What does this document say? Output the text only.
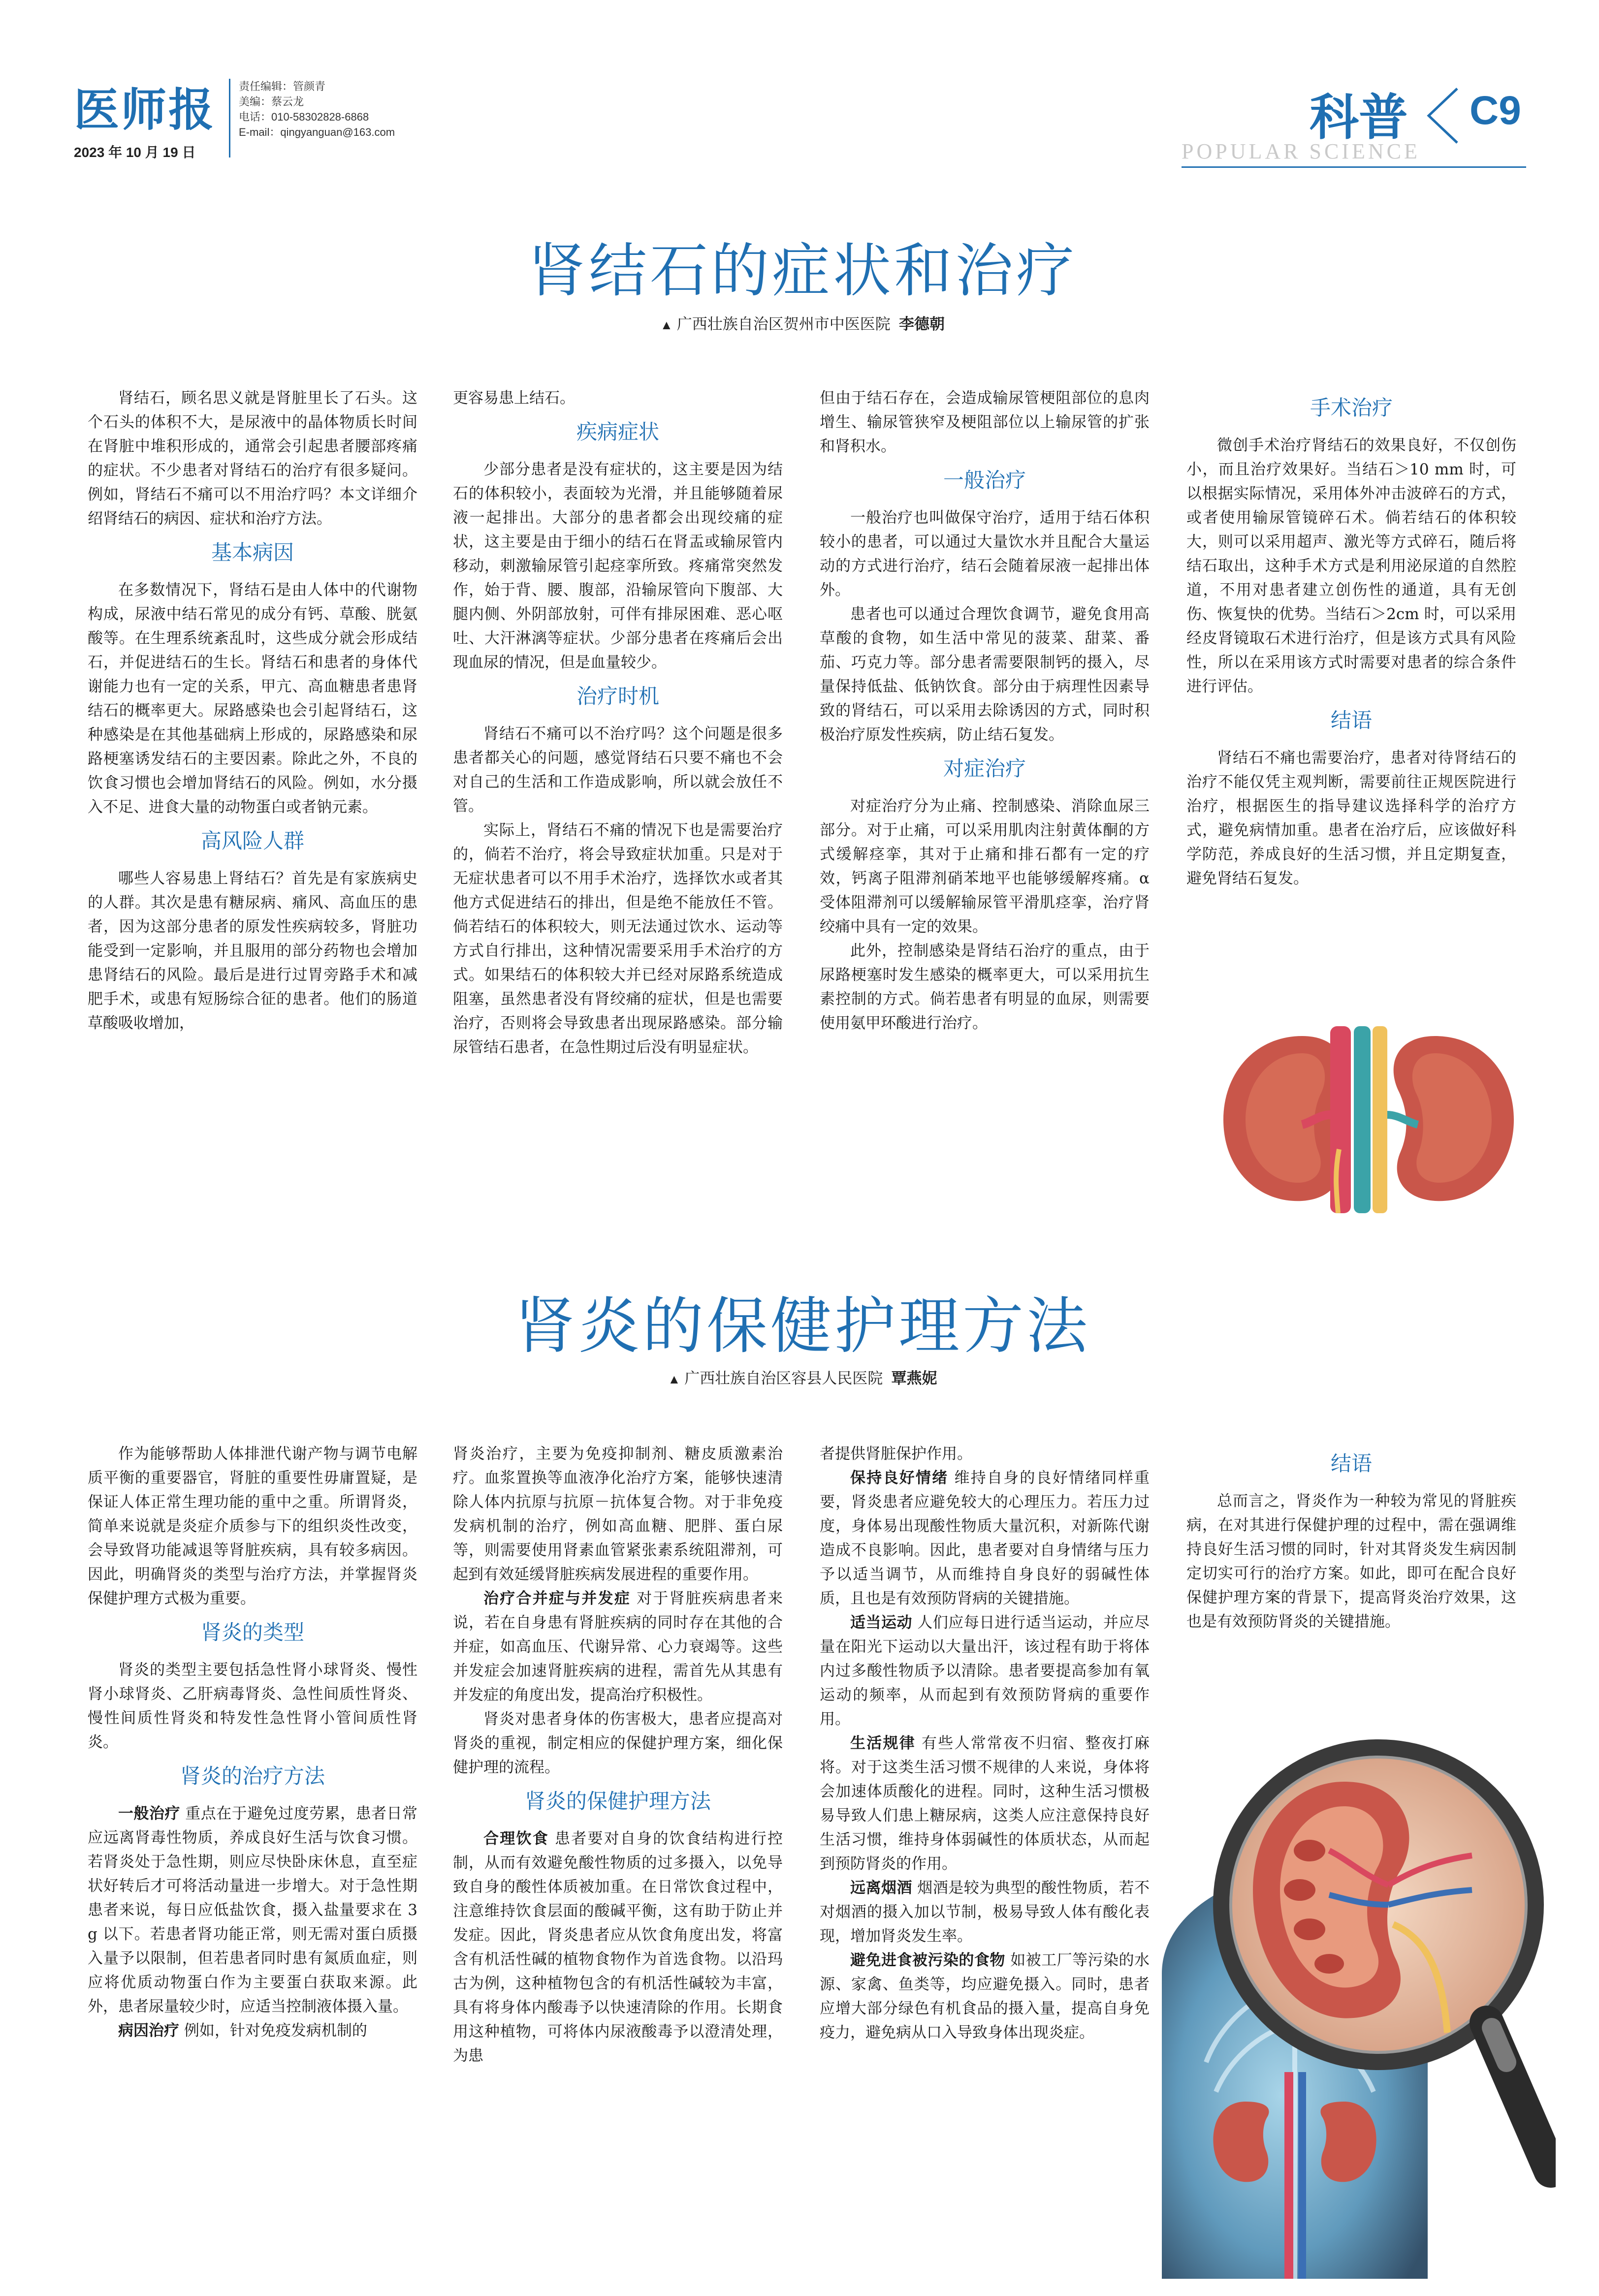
医师报
2023 年 10 月 19 日
责任编辑：管颜青
美编：蔡云龙
电话：010-58302828-6868
E-mail：qingyanguan@163.com	科普 C9
POPULAR SCIENCE
肾结石的症状和治疗
▲ 广西壮族自治区贺州市中医医院 李德朝

肾结石，顾名思义就是肾脏里长了石头。这个石头的体积不大，是尿液中的晶体物质长时间在肾脏中堆积形成的，通常会引起患者腰部疼痛的症状。不少患者对肾结石的治疗有很多疑问。例如，肾结石不痛可以不用治疗吗？本文详细介绍肾结石的病因、症状和治疗方法。

基本病因

在多数情况下，肾结石是由人体中的代谢物构成，尿液中结石常见的成分有钙、草酸、胱氨酸等。在生理系统紊乱时，这些成分就会形成结石，并促进结石的生长。肾结石和患者的身体代谢能力也有一定的关系，甲亢、高血糖患者患肾结石的概率更大。尿路感染也会引起肾结石，这种感染是在其他基础病上形成的，尿路感染和尿路梗塞诱发结石的主要因素。除此之外，不良的饮食习惯也会增加肾结石的风险。例如，水分摄入不足、进食大量的动物蛋白或者钠元素。

高风险人群

哪些人容易患上肾结石？首先是有家族病史的人群。其次是患有糖尿病、痛风、高血压的患者，因为这部分患者的原发性疾病较多，肾脏功能受到一定影响，并且服用的部分药物也会增加患肾结石的风险。最后是进行过胃旁路手术和减肥手术，或患有短肠综合征的患者。他们的肠道草酸吸收增加，

更容易患上结石。

疾病症状

少部分患者是没有症状的，这主要是因为结石的体积较小，表面较为光滑，并且能够随着尿液一起排出。大部分的患者都会出现绞痛的症状，这主要是由于细小的结石在肾盂或输尿管内移动，刺激输尿管引起痉挛所致。疼痛常突然发作，始于背、腰、腹部，沿输尿管向下腹部、大腿内侧、外阴部放射，可伴有排尿困难、恶心呕吐、大汗淋漓等症状。少部分患者在疼痛后会出现血尿的情况，但是血量较少。

治疗时机

肾结石不痛可以不治疗吗？这个问题是很多患者都关心的问题，感觉肾结石只要不痛也不会对自己的生活和工作造成影响，所以就会放任不管。

实际上，肾结石不痛的情况下也是需要治疗的，倘若不治疗，将会导致症状加重。只是对于无症状患者可以不用手术治疗，选择饮水或者其他方式促进结石的排出，但是绝不能放任不管。倘若结石的体积较大，则无法通过饮水、运动等方式自行排出，这种情况需要采用手术治疗的方式。如果结石的体积较大并已经对尿路系统造成阻塞，虽然患者没有肾绞痛的症状，但是也需要治疗，否则将会导致患者出现尿路感染。部分输尿管结石患者，在急性期过后没有明显症状。

但由于结石存在，会造成输尿管梗阻部位的息肉增生、输尿管狭窄及梗阻部位以上输尿管的扩张和肾积水。

一般治疗

一般治疗也叫做保守治疗，适用于结石体积较小的患者，可以通过大量饮水并且配合大量运动的方式进行治疗，结石会随着尿液一起排出体外。

患者也可以通过合理饮食调节，避免食用高草酸的食物，如生活中常见的菠菜、甜菜、番茄、巧克力等。部分患者需要限制钙的摄入，尽量保持低盐、低钠饮食。部分由于病理性因素导致的肾结石，可以采用去除诱因的方式，同时积极治疗原发性疾病，防止结石复发。

对症治疗

对症治疗分为止痛、控制感染、消除血尿三部分。对于止痛，可以采用肌肉注射黄体酮的方式缓解痉挛，其对于止痛和排石都有一定的疗效，钙离子阻滞剂硝苯地平也能够缓解疼痛。α 受体阻滞剂可以缓解输尿管平滑肌痉挛，治疗肾绞痛中具有一定的效果。

此外，控制感染是肾结石治疗的重点，由于尿路梗塞时发生感染的概率更大，可以采用抗生素控制的方式。倘若患者有明显的血尿，则需要使用氨甲环酸进行治疗。

手术治疗

微创手术治疗肾结石的效果良好，不仅创伤小，而且治疗效果好。当结石＞10 mm 时，可以根据实际情况，采用体外冲击波碎石的方式，或者使用输尿管镜碎石术。倘若结石的体积较大，则可以采用超声、激光等方式碎石，随后将结石取出，这种手术方式是利用泌尿道的自然腔道，不用对患者建立创伤性的通道，具有无创伤、恢复快的优势。当结石＞2cm 时，可以采用经皮肾镜取石术进行治疗，但是该方式具有风险性，所以在采用该方式时需要对患者的综合条件进行评估。

结语

肾结石不痛也需要治疗，患者对待肾结石的治疗不能仅凭主观判断，需要前往正规医院进行治疗，根据医生的指导建议选择科学的治疗方式，避免病情加重。患者在治疗后，应该做好科学防范，养成良好的生活习惯，并且定期复查，避免肾结石复发。

肾炎的保健护理方法
▲ 广西壮族自治区容县人民医院 覃燕妮

作为能够帮助人体排泄代谢产物与调节电解质平衡的重要器官，肾脏的重要性毋庸置疑，是保证人体正常生理功能的重中之重。所谓肾炎，简单来说就是炎症介质参与下的组织炎性改变，会导致肾功能减退等肾脏疾病，具有较多病因。因此，明确肾炎的类型与治疗方法，并掌握肾炎保健护理方式极为重要。

肾炎的类型

肾炎的类型主要包括急性肾小球肾炎、慢性肾小球肾炎、乙肝病毒肾炎、急性间质性肾炎、慢性间质性肾炎和特发性急性肾小管间质性肾炎。

肾炎的治疗方法

一般治疗 重点在于避免过度劳累，患者日常应远离肾毒性物质，养成良好生活与饮食习惯。若肾炎处于急性期，则应尽快卧床休息，直至症状好转后才可将活动量进一步增大。对于急性期患者来说，每日应低盐饮食，摄入盐量要求在 3 g 以下。若患者肾功能正常，则无需对蛋白质摄入量予以限制，但若患者同时患有氮质血症，则应将优质动物蛋白作为主要蛋白获取来源。此外，患者尿量较少时，应适当控制液体摄入量。

病因治疗 例如，针对免疫发病机制的

肾炎治疗，主要为免疫抑制剂、糖皮质激素治疗。血浆置换等血液净化治疗方案，能够快速清除人体内抗原与抗原－抗体复合物。对于非免疫发病机制的治疗，例如高血糖、肥胖、蛋白尿等，则需要使用肾素血管紧张素系统阻滞剂，可起到有效延缓肾脏疾病发展进程的重要作用。

治疗合并症与并发症 对于肾脏疾病患者来说，若在自身患有肾脏疾病的同时存在其他的合并症，如高血压、代谢异常、心力衰竭等。这些并发症会加速肾脏疾病的进程，需首先从其患有并发症的角度出发，提高治疗积极性。

肾炎对患者身体的伤害极大，患者应提高对肾炎的重视，制定相应的保健护理方案，细化保健护理的流程。

肾炎的保健护理方法

合理饮食 患者要对自身的饮食结构进行控制，从而有效避免酸性物质的过多摄入，以免导致自身的酸性体质被加重。在日常饮食过程中，注意维持饮食层面的酸碱平衡，这有助于防止并发症。因此，肾炎患者应从饮食角度出发，将富含有机活性碱的植物食物作为首选食物。以沿玛古为例，这种植物包含的有机活性碱较为丰富，具有将身体内酸毒予以快速清除的作用。长期食用这种植物，可将体内尿液酸毒予以澄清处理，为患

者提供肾脏保护作用。

保持良好情绪 维持自身的良好情绪同样重要，肾炎患者应避免较大的心理压力。若压力过度，身体易出现酸性物质大量沉积，对新陈代谢造成不良影响。因此，患者要对自身情绪与压力予以适当调节，从而维持自身良好的弱碱性体质，且也是有效预防肾病的关键措施。

适当运动 人们应每日进行适当运动，并应尽量在阳光下运动以大量出汗，该过程有助于将体内过多酸性物质予以清除。患者要提高参加有氧运动的频率，从而起到有效预防肾病的重要作用。

生活规律 有些人常常夜不归宿、整夜打麻将。对于这类生活习惯不规律的人来说，身体将会加速体质酸化的进程。同时，这种生活习惯极易导致人们患上糖尿病，这类人应注意保持良好生活习惯，维持身体弱碱性的体质状态，从而起到预防肾炎的作用。

远离烟酒 烟酒是较为典型的酸性物质，若不对烟酒的摄入加以节制，极易导致人体有酸化表现，增加肾炎发生率。

避免进食被污染的食物 如被工厂等污染的水源、家禽、鱼类等，均应避免摄入。同时，患者应增大部分绿色有机食品的摄入量，提高自身免疫力，避免病从口入导致身体出现炎症。

结语

总而言之，肾炎作为一种较为常见的肾脏疾病，在对其进行保健护理的过程中，需在强调维持良好生活习惯的同时，针对其肾炎发生病因制定切实可行的治疗方案。如此，即可在配合良好保健护理方案的背景下，提高肾炎治疗效果，这也是有效预防肾炎的关键措施。
